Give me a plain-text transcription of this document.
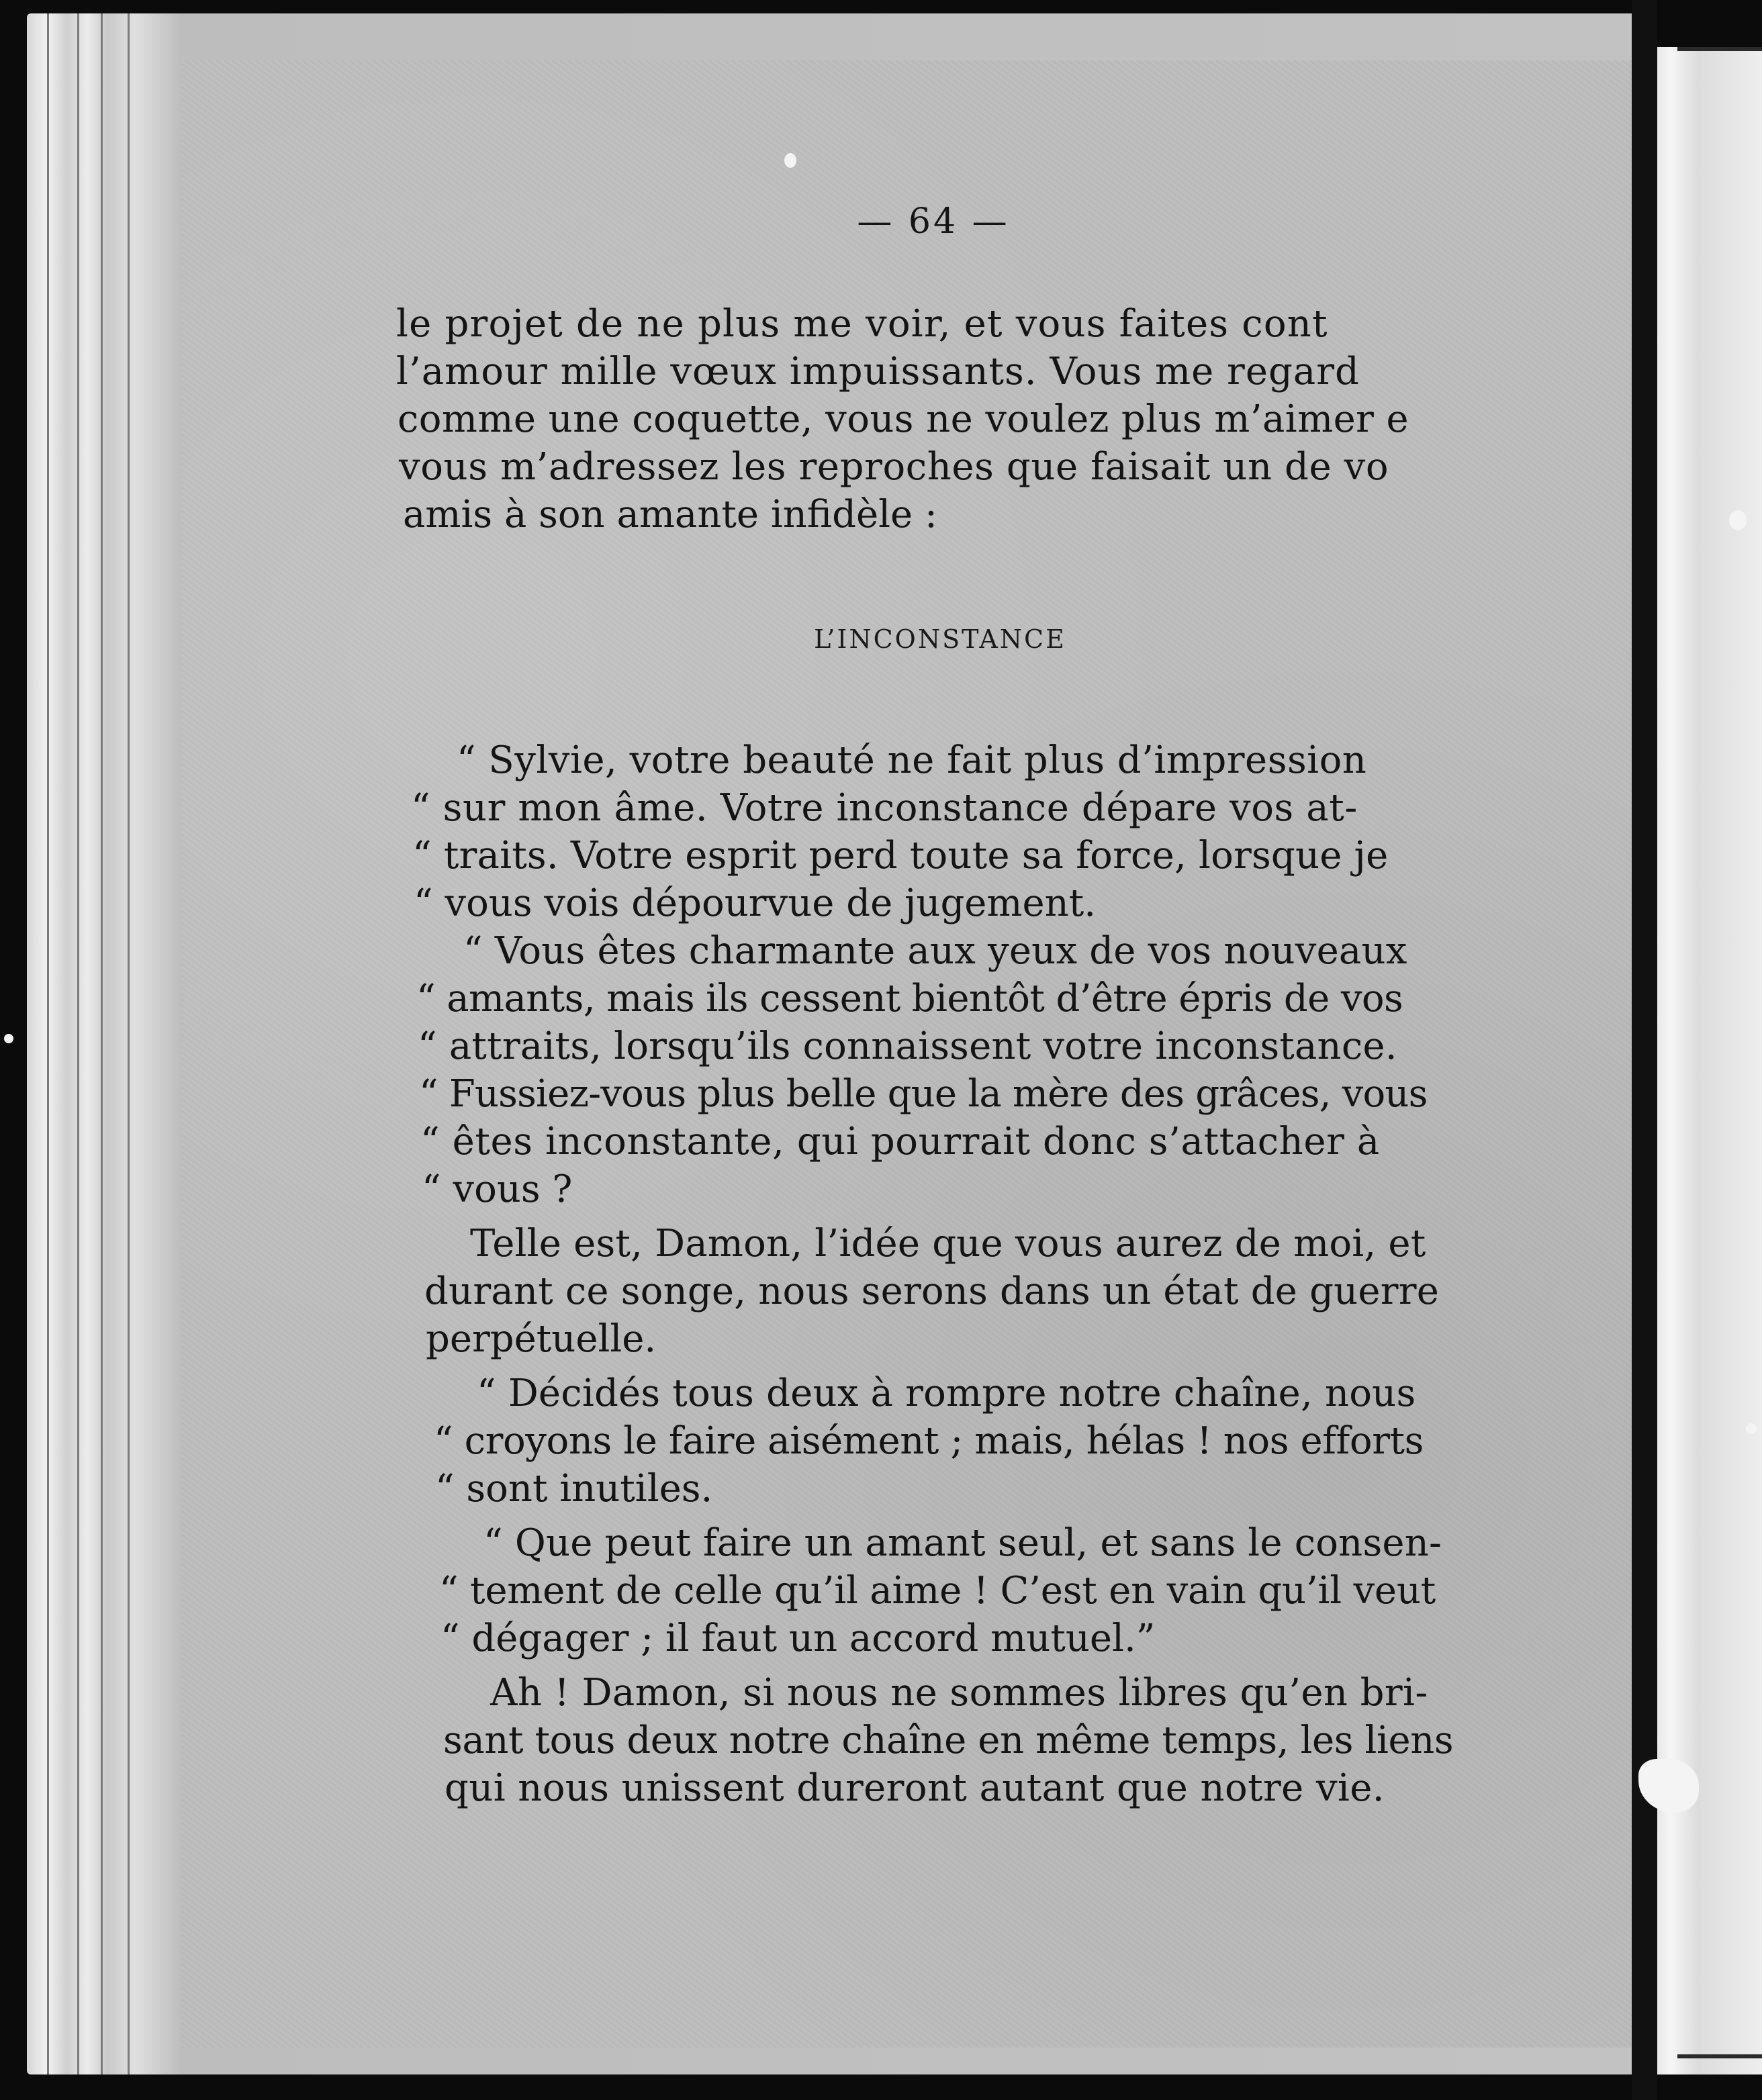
— 64 —
L’INCONSTANCE
le projet de ne plus me voir, et vous faites cont
l’amour mille vœux impuissants. Vous me regard
comme une coquette, vous ne voulez plus m’aimer e
vous m’adressez les reproches que faisait un de vo
amis à son amante infidèle :
“ Sylvie, votre beauté ne fait plus d’impression
“ sur mon âme. Votre inconstance dépare vos at-
“ traits. Votre esprit perd toute sa force, lorsque je
“ vous vois dépourvue de jugement.
“ Vous êtes charmante aux yeux de vos nouveaux
“ amants, mais ils cessent bientôt d’être épris de vos
“ attraits, lorsqu’ils connaissent votre inconstance.
“ Fussiez-vous plus belle que la mère des grâces, vous
“ êtes inconstante, qui pourrait donc s’attacher à
“ vous ?
Telle est, Damon, l’idée que vous aurez de moi, et
durant ce songe, nous serons dans un état de guerre
perpétuelle.
“ Décidés tous deux à rompre notre chaîne, nous
“ croyons le faire aisément ; mais, hélas ! nos efforts
“ sont inutiles.
“ Que peut faire un amant seul, et sans le consen-
“ tement de celle qu’il aime ! C’est en vain qu’il veut
“ dégager ; il faut un accord mutuel.”
Ah ! Damon, si nous ne sommes libres qu’en bri-
sant tous deux notre chaîne en même temps, les liens
qui nous unissent dureront autant que notre vie.
